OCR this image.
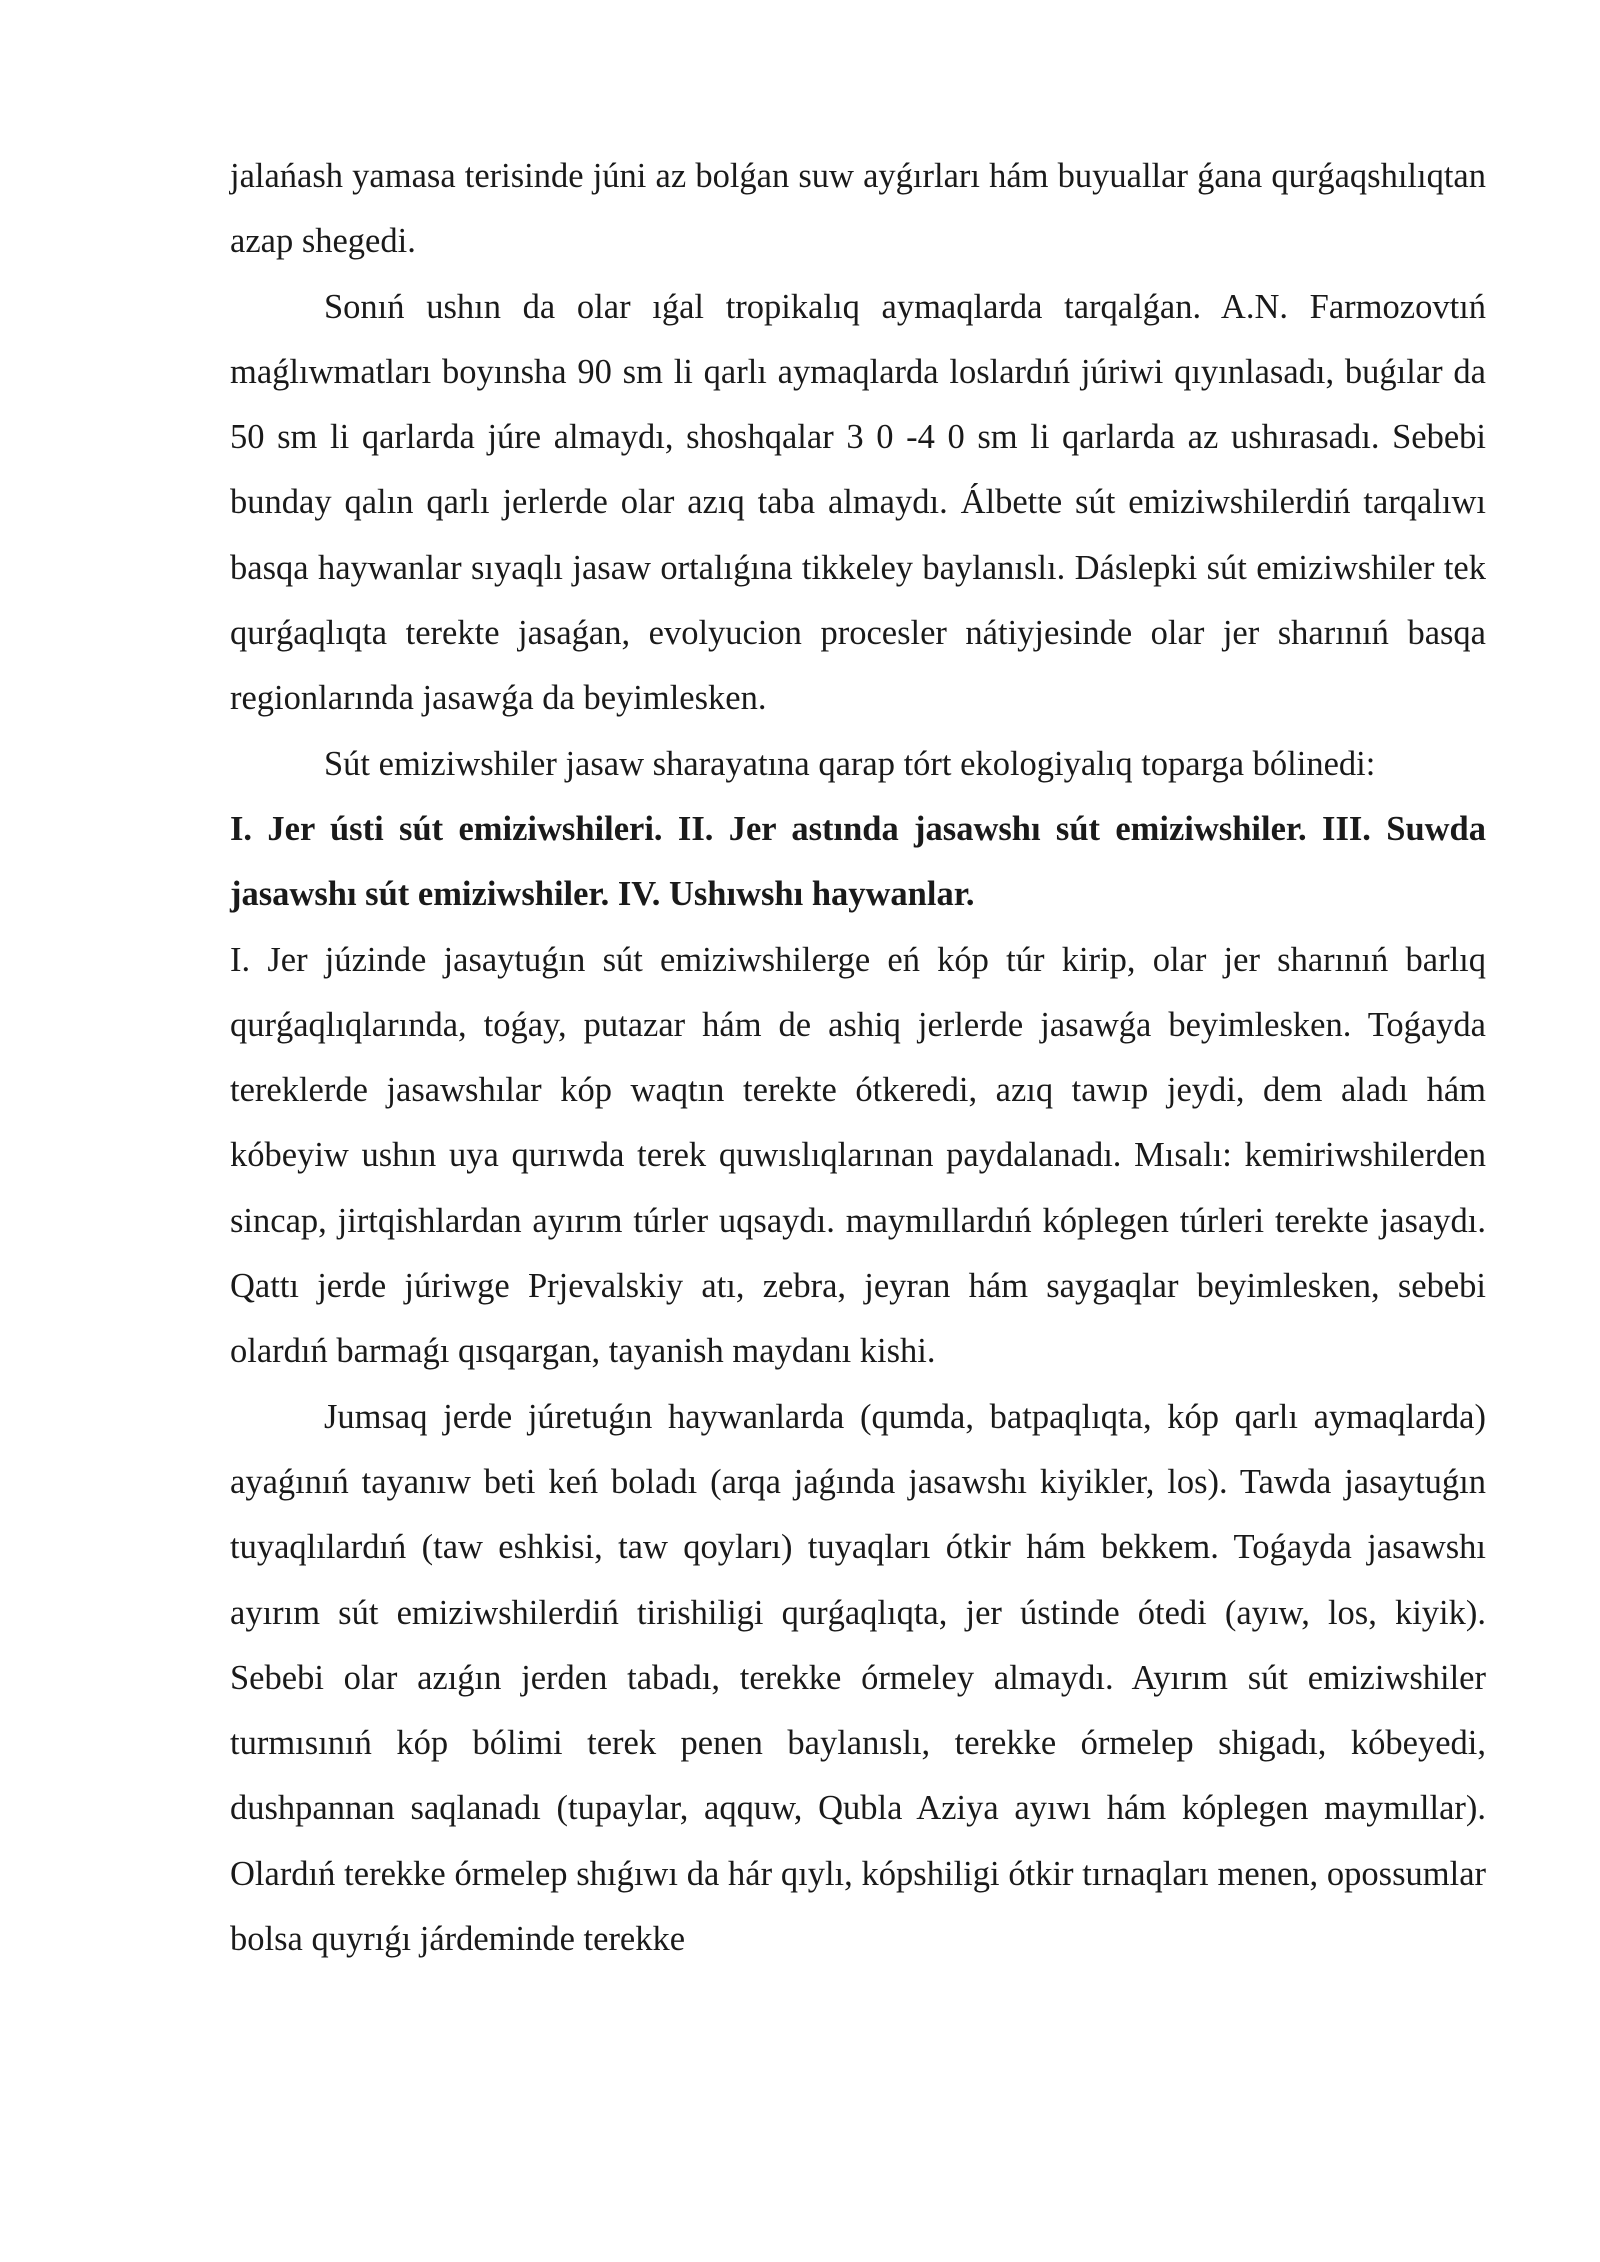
jalańash yamasa terisinde júni az bolǵan suw ayǵırları hám buyuallar ǵana qurǵaqshılıqtan azap shegedi.

Sonıń ushın da olar ıǵal tropikalıq aymaqlarda tarqalǵan. A.N. Farmozovtıń maǵlıwmatları boyınsha 90 sm li qarlı aymaqlarda loslardıń júriwi qıyınlasadı, buǵılar da 50 sm li qarlarda júre almaydı, shoshqalar 3 0 -4 0 sm li qarlarda az ushırasadı. Sebebi bunday qalın qarlı jerlerde olar azıq taba almaydı. Álbette sút emiziwshilerdiń tarqalıwı basqa haywanlar sıyaqlı jasaw ortalıǵına tikkeley baylanıslı. Dáslepki sút emiziwshiler tek qurǵaqlıqta terekte jasaǵan, evolyucion procesler nátiyjesinde olar jer sharınıń basqa regionlarında jasawǵa da beyimlesken.

Sút emiziwshiler jasaw sharayatına qarap tórt ekologiyalıq toparga bólinedi:

I. Jer ústi sút emiziwshileri. II. Jer astında jasawshı sút emiziwshiler. III. Suwda jasawshı sút emiziwshiler. IV. Ushıwshı haywanlar.

I. Jer júzinde jasaytuǵın sút emiziwshilerge eń kóp túr kirip, olar jer sharınıń barlıq qurǵaqlıqlarında, toǵay, putazar hám de ashiq jerlerde jasawǵa beyimlesken. Toǵayda tereklerde jasawshılar kóp waqtın terekte ótkeredi, azıq tawıp jeydi, dem aladı hám kóbeyiw ushın uya qurıwda terek quwıslıqlarınan paydalanadı. Mısalı: kemiriwshilerden sincap, jirtqishlardan ayırım túrler uqsaydı. maymıllardıń kóplegen túrleri terekte jasaydı. Qattı jerde júriwge Prjevalskiy atı, zebra, jeyran hám saygaqlar beyimlesken, sebebi olardıń barmaǵı qısqargan, tayanish maydanı kishi.

Jumsaq jerde júretuǵın haywanlarda (qumda, batpaqlıqta, kóp qarlı aymaqlarda) ayaǵınıń tayanıw beti keń boladı (arqa jaǵında jasawshı kiyikler, los). Tawda jasaytuǵın tuyaqlılardıń (taw eshkisi, taw qoyları) tuyaqları ótkir hám bekkem. Toǵayda jasawshı ayırım sút emiziwshilerdiń tirishiligi qurǵaqlıqta, jer ústinde ótedi (ayıw, los, kiyik). Sebebi olar azıǵın jerden tabadı, terekke órmeley almaydı. Ayırım sút emiziwshiler turmısınıń kóp bólimi terek penen baylanıslı, terekke órmelep shigadı, kóbeyedi, dushpannan saqlanadı (tupaylar, aqquw, Qubla Aziya ayıwı hám kóplegen maymıllar). Olardıń terekke órmelep shıǵıwı da hár qıylı, kópshiligi ótkir tırnaqları menen, opossumlar bolsa quyrıǵı járdeminde terekke
